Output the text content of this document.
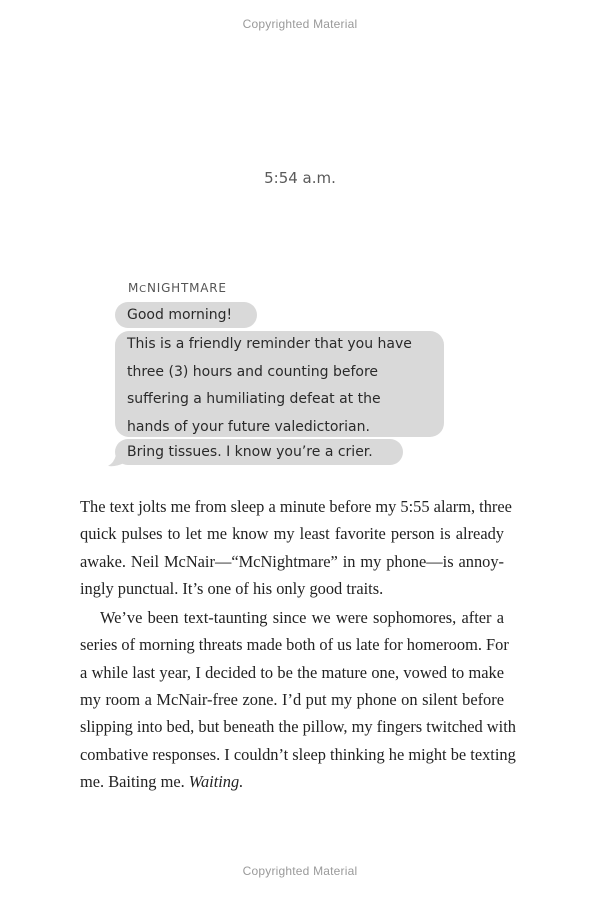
Copyrighted Material
5:54 a.m.
MCNIGHTMARE
Good morning!
This is a friendly reminder that you have
three (3) hours and counting before
suffering a humiliating defeat at the
hands of your future valedictorian.
Bring tissues. I know you’re a crier.

The text jolts me from sleep a minute before my 5:55 alarm, three
quick pulses to let me know my least favorite person is already
awake. Neil McNair—“McNightmare” in my phone—is annoy-
ingly punctual. It’s one of his only good traits.

We’ve been text-taunting since we were sophomores, after a
series of morning threats made both of us late for homeroom. For
a while last year, I decided to be the mature one, vowed to make
my room a McNair-free zone. I’d put my phone on silent before
slipping into bed, but beneath the pillow, my fingers twitched with
combative responses. I couldn’t sleep thinking he might be texting
me. Baiting me. Waiting.

Copyrighted Material
